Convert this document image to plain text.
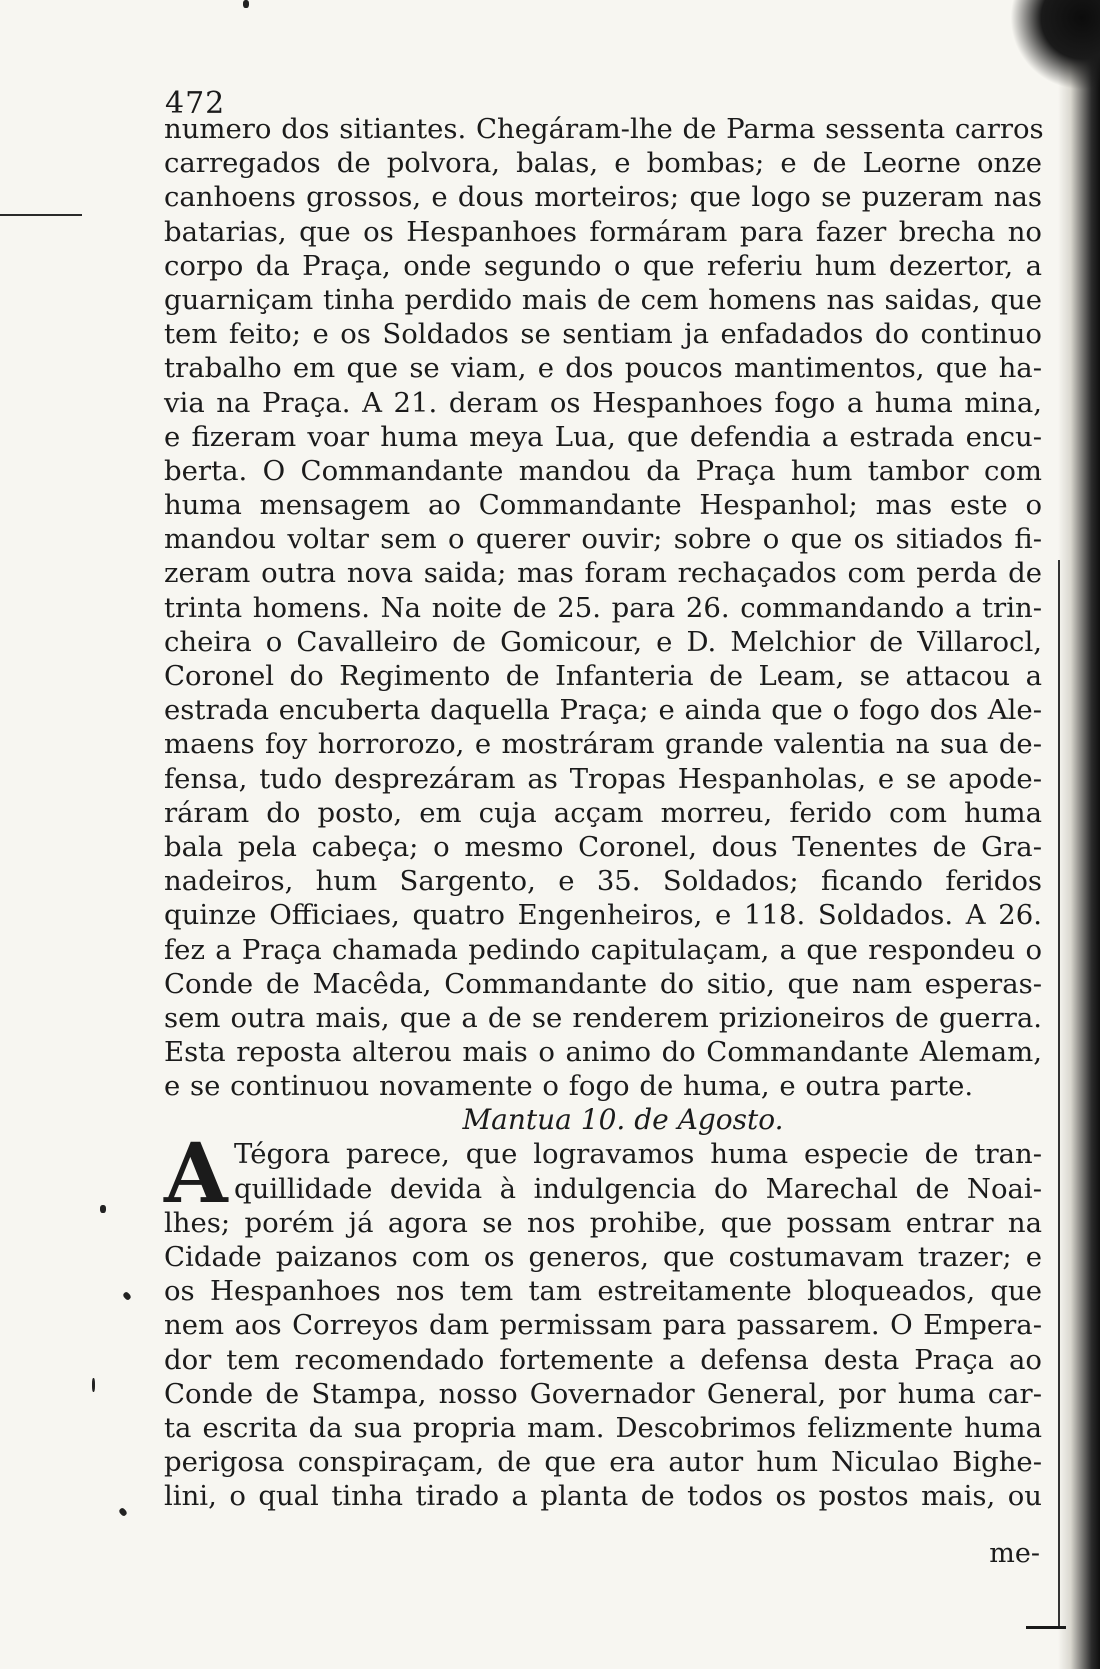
472
numero dos sitiantes. Chegáram-lhe de Parma sessenta carros
carregados de polvora, balas, e bombas; e de Leorne onze
canhoens grossos, e dous morteiros; que logo se puzeram nas
batarias, que os Hespanhoes formáram para fazer brecha no
corpo da Praça, onde segundo o que referiu hum dezertor, a
guarniçam tinha perdido mais de cem homens nas saidas, que
tem feito; e os Soldados se sentiam ja enfadados do continuo
trabalho em que se viam, e dos poucos mantimentos, que ha-
via na Praça. A 21. deram os Hespanhoes fogo a huma mina,
e fizeram voar huma meya Lua, que defendia a estrada encu-
berta. O Commandante mandou da Praça hum tambor com
huma mensagem ao Commandante Hespanhol; mas este o
mandou voltar sem o querer ouvir; sobre o que os sitiados fi-
zeram outra nova saida; mas foram rechaçados com perda de
trinta homens. Na noite de 25. para 26. commandando a trin-
cheira o Cavalleiro de Gomicour, e D. Melchior de Villarocl,
Coronel do Regimento de Infanteria de Leam, se attacou a
estrada encuberta daquella Praça; e ainda que o fogo dos Ale-
maens foy horrorozo, e mostráram grande valentia na sua de-
fensa, tudo desprezáram as Tropas Hespanholas, e se apode-
ráram do posto, em cuja acçam morreu, ferido com huma
bala pela cabeça; o mesmo Coronel, dous Tenentes de Gra-
nadeiros, hum Sargento, e 35. Soldados; ficando feridos
quinze Officiaes, quatro Engenheiros, e 118. Soldados. A 26.
fez a Praça chamada pedindo capitulaçam, a que respondeu o
Conde de Macêda, Commandante do sitio, que nam esperas-
sem outra mais, que a de se renderem prizioneiros de guerra.
Esta reposta alterou mais o animo do Commandante Alemam,
e se continuou novamente o fogo de huma, e outra parte.
Mantua 10. de Agosto.
A Tégora parece, que logravamos huma especie de tran-
quillidade devida à indulgencia do Marechal de Noai-
lhes; porém já agora se nos prohibe, que possam entrar na
Cidade paizanos com os generos, que costumavam trazer; e
os Hespanhoes nos tem tam estreitamente bloqueados, que
nem aos Correyos dam permissam para passarem. O Empera-
dor tem recomendado fortemente a defensa desta Praça ao
Conde de Stampa, nosso Governador General, por huma car-
ta escrita da sua propria mam. Descobrimos felizmente huma
perigosa conspiraçam, de que era autor hum Niculao Bighe-
lini, o qual tinha tirado a planta de todos os postos mais, ou
me-
